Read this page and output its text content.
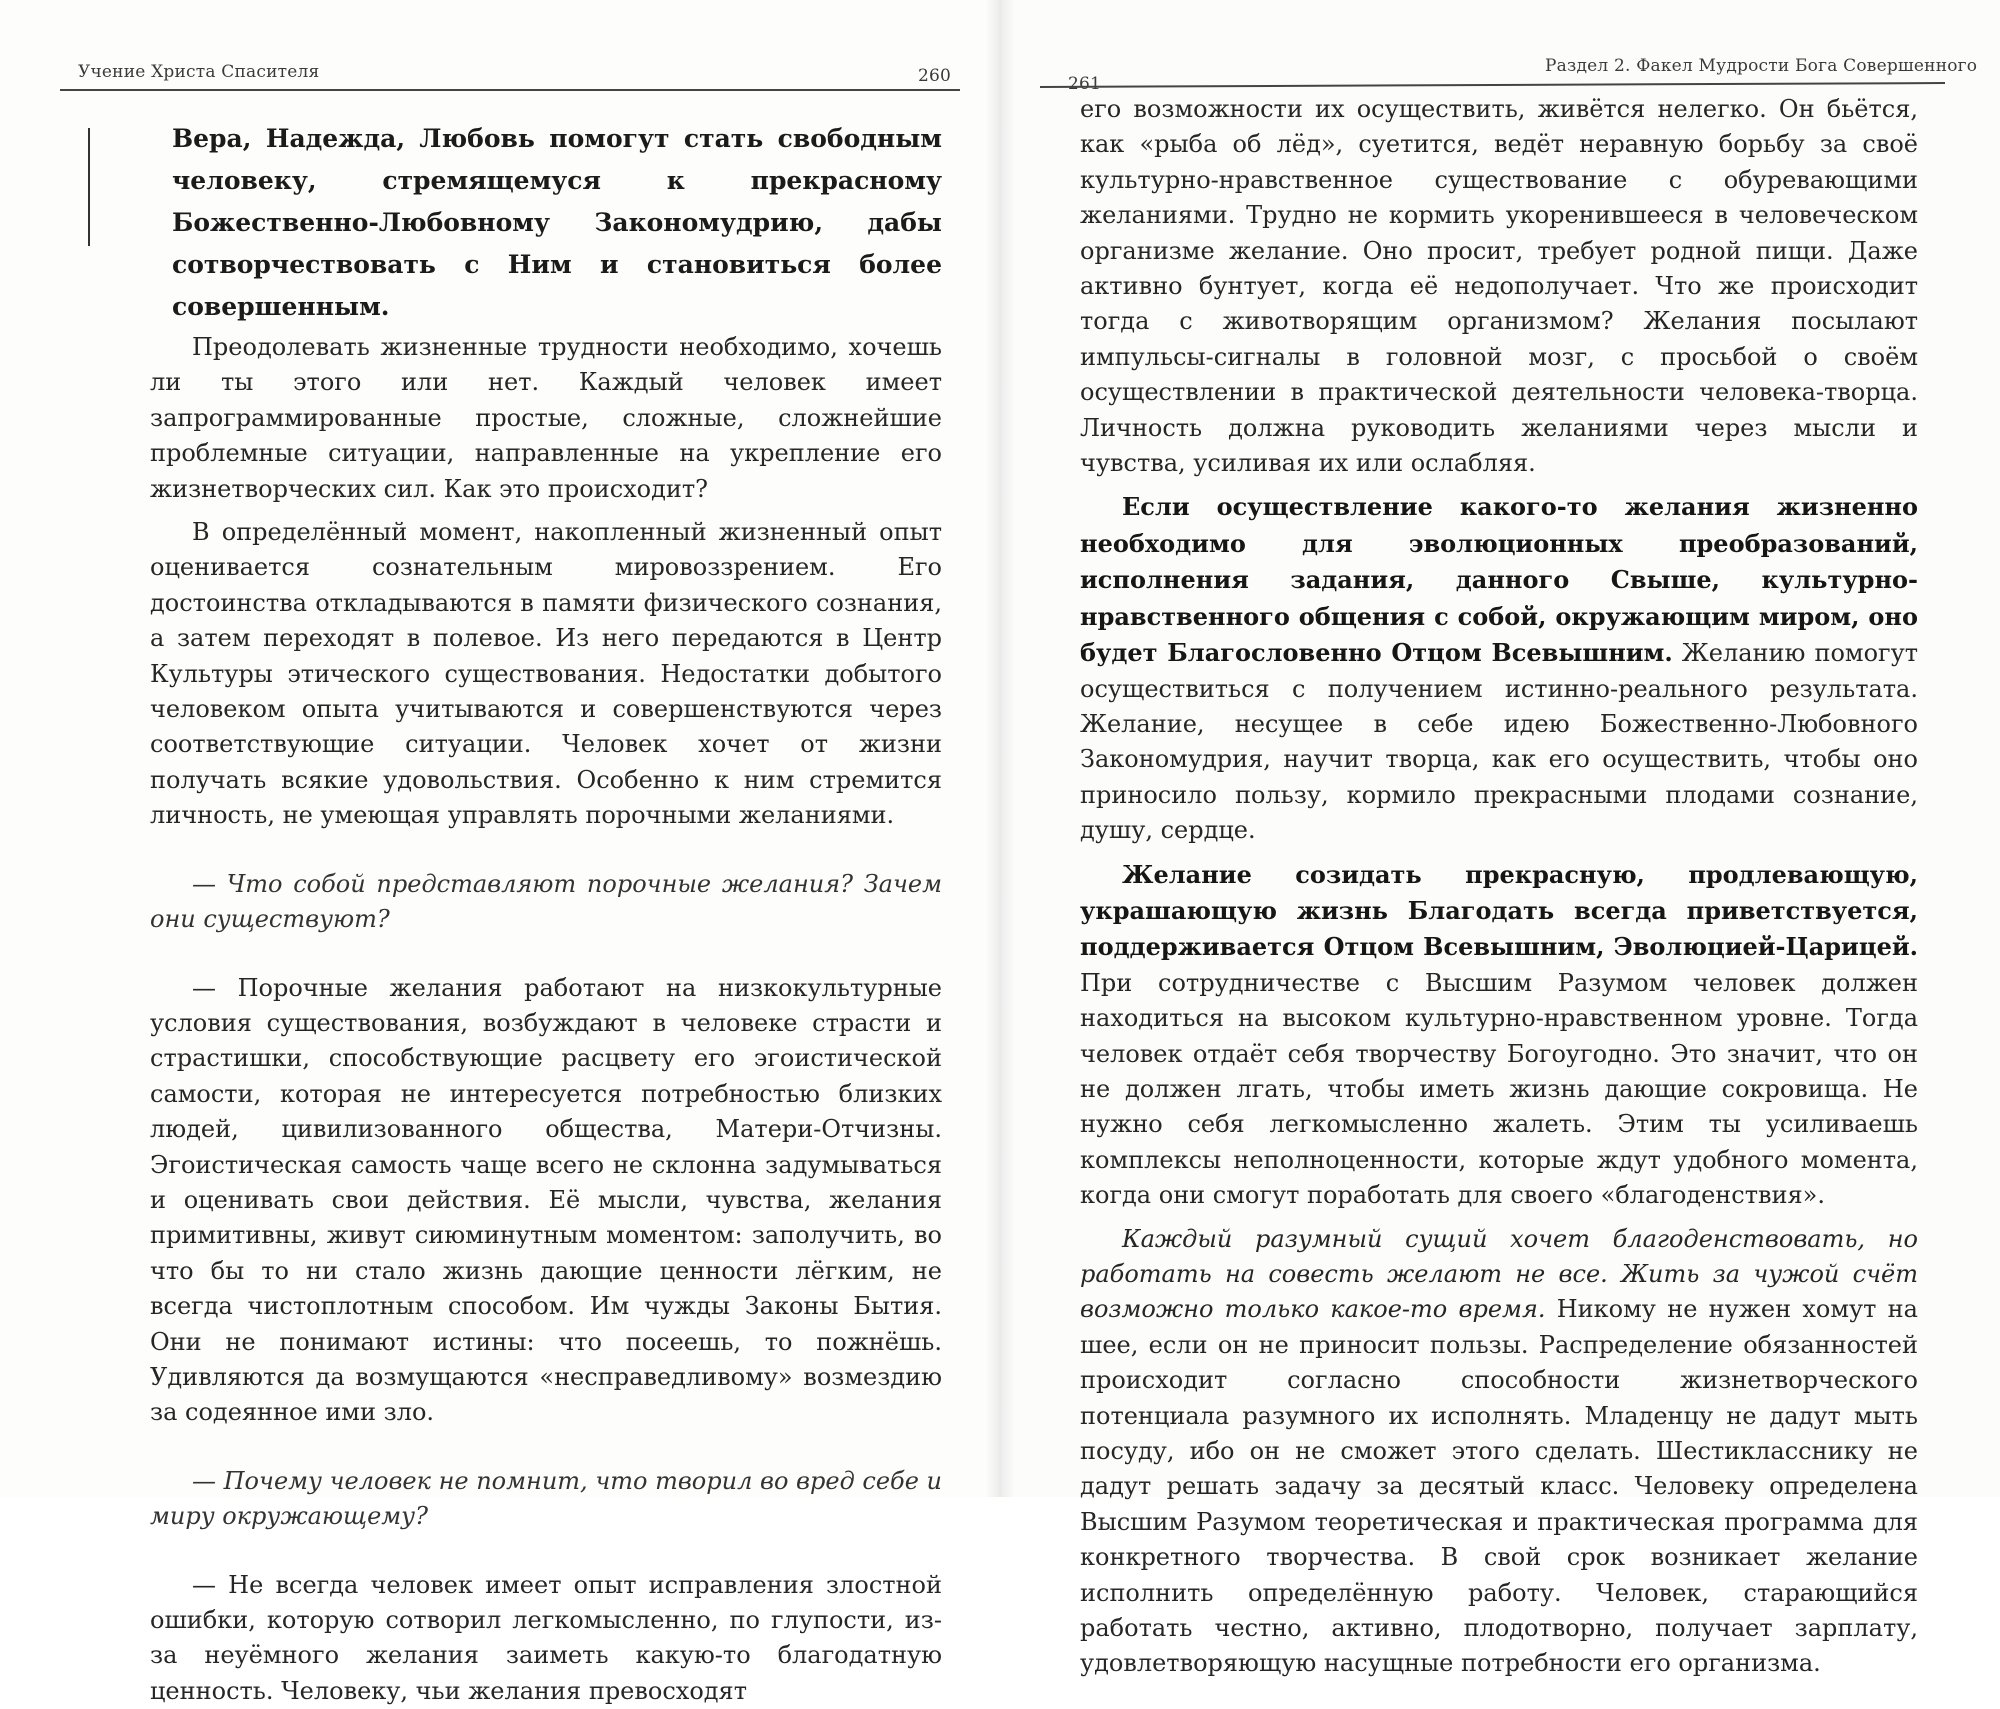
Учение Христа Спасителя	260
Вера, Надежда, Любовь помогут стать свободным человеку, стремящемуся к прекрасному Божественно-Любовному Закономудрию, дабы сотворчествовать с Ним и становиться более совершенным.

Преодолевать жизненные трудности необходимо, хочешь ли ты этого или нет. Каждый человек имеет запрограммированные простые, сложные, сложнейшие проблемные ситуации, направленные на укрепление его жизнетворческих сил. Как это происходит?

В определённый момент, накопленный жизненный опыт оценивается сознательным мировоззрением. Его достоинства откладываются в памяти физического сознания, а затем переходят в полевое. Из него передаются в Центр Культуры этического существования. Недостатки добытого человеком опыта учитываются и совершенствуются через соответствующие ситуации. Человек хочет от жизни получать всякие удовольствия. Особенно к ним стремится личность, не умеющая управлять порочными желаниями.

— Что собой представляют порочные желания? Зачем они существуют?

— Порочные желания работают на низкокультурные условия существования, возбуждают в человеке страсти и страстишки, способствующие расцвету его эгоистической самости, которая не интересуется потребностью близких людей, цивилизованного общества, Матери-Отчизны. Эгоистическая самость чаще всего не склонна задумываться и оценивать свои действия. Её мысли, чувства, желания примитивны, живут сиюминутным моментом: заполучить, во что бы то ни стало жизнь дающие ценности лёгким, не всегда чистоплотным способом. Им чужды Законы Бытия. Они не понимают истины: что посеешь, то пожнёшь. Удивляются да возмущаются «несправедливому» возмездию за содеянное ими зло.

— Почему человек не помнит, что творил во вред себе и миру окружающему?

— Не всегда человек имеет опыт исправления злостной ошибки, которую сотворил легкомысленно, по глупости, из-за неуёмного желания заиметь какую-то благодатную ценность. Человеку, чьи желания превосходят

261
Раздел 2. Факел Мудрости Бога Совершенного

его возможности их осуществить, живётся нелегко. Он бьётся, как «рыба об лёд», суетится, ведёт неравную борьбу за своё культурно-нравственное существование с обуревающими желаниями. Трудно не кормить укоренившееся в человеческом организме желание. Оно просит, требует родной пищи. Даже активно бунтует, когда её недополучает. Что же происходит тогда с животворящим организмом? Желания посылают импульсы-сигналы в головной мозг, с просьбой о своём осуществлении в практической деятельности человека-творца. Личность должна руководить желаниями через мысли и чувства, усиливая их или ослабляя.

Если осуществление какого-то желания жизненно необходимо для эволюционных преобразований, исполнения задания, данного Свыше, культурно-нравственного общения с собой, окружающим миром, оно будет Благословенно Отцом Всевышним. Желанию помогут осуществиться с получением истинно-реального результата. Желание, несущее в себе идею Божественно-Любовного Закономудрия, научит творца, как его осуществить, чтобы оно приносило пользу, кормило прекрасными плодами сознание, душу, сердце.

Желание созидать прекрасную, продлевающую, украшающую жизнь Благодать всегда приветствуется, поддерживается Отцом Всевышним, Эволюцией-Царицей. При сотрудничестве с Высшим Разумом человек должен находиться на высоком культурно-нравственном уровне. Тогда человек отдаёт себя творчеству Богоугодно. Это значит, что он не должен лгать, чтобы иметь жизнь дающие сокровища. Не нужно себя легкомысленно жалеть. Этим ты усиливаешь комплексы неполноценности, которые ждут удобного момента, когда они смогут поработать для своего «благоденствия».

Каждый разумный сущий хочет благоденствовать, но работать на совесть желают не все. Жить за чужой счёт возможно только какое-то время. Никому не нужен хомут на шее, если он не приносит пользы. Распределение обязанностей происходит согласно способности жизнетворческого потенциала разумного их исполнять. Младенцу не дадут мыть посуду, ибо он не сможет этого сделать. Шестикласснику не дадут решать задачу за десятый класс. Человеку определена Высшим Разумом теоретическая и практическая программа для конкретного творчества. В свой срок возникает желание исполнить определённую работу. Человек, старающийся работать честно, активно, плодотворно, получает зарплату, удовлетворяющую насущные потребности его организма.
